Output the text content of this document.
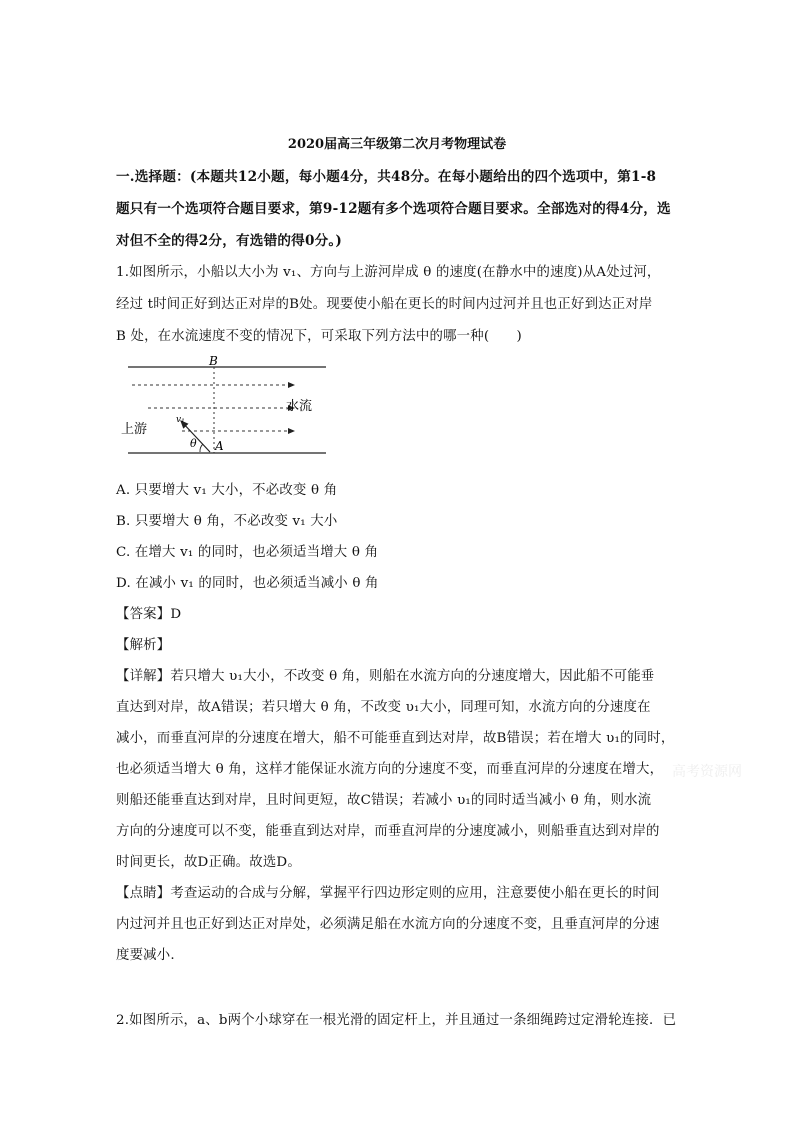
2020届高三年级第二次月考物理试卷
一.选择题：(本题共12小题，每小题4分，共48分。在每小题给出的四个选项中，第1-8
题只有一个选项符合题目要求，第9-12题有多个选项符合题目要求。全部选对的得4分，选
对但不全的得2分，有选错的得0分。)
1.如图所示，小船以大小为 v₁、方向与上游河岸成 θ 的速度(在静水中的速度)从A处过河，
经过 t时间正好到达正对岸的B处。现要使小船在更长的时间内过河并且也正好到达正对岸
B 处，在水流速度不变的情况下，可采取下列方法中的哪一种(　　)
B
A
水流
上游
v₁
θ
A. 只要增大 v₁ 大小，不必改变 θ 角
B. 只要增大 θ 角，不必改变 v₁ 大小
C. 在增大 v₁ 的同时，也必须适当增大 θ 角
D. 在减小 v₁ 的同时，也必须适当减小 θ 角
【答案】D
【解析】
【详解】若只增大 υ₁大小，不改变 θ 角，则船在水流方向的分速度增大，因此船不可能垂
直达到对岸，故A错误；若只增大 θ 角，不改变 υ₁大小，同理可知，水流方向的分速度在
减小，而垂直河岸的分速度在增大，船不可能垂直到达对岸，故B错误；若在增大 υ₁的同时，
也必须适当增大 θ 角，这样才能保证水流方向的分速度不变，而垂直河岸的分速度在增大，
则船还能垂直达到对岸，且时间更短，故C错误；若减小 υ₁的同时适当减小 θ 角，则水流
方向的分速度可以不变，能垂直到达对岸，而垂直河岸的分速度减小，则船垂直达到对岸的
时间更长，故D正确。故选D。
【点睛】考查运动的合成与分解，掌握平行四边形定则的应用，注意要使小船在更长的时间
内过河并且也正好到达正对岸处，必须满足船在水流方向的分速度不变，且垂直河岸的分速
度要减小.
2.如图所示，a、b两个小球穿在一根光滑的固定杆上，并且通过一条细绳跨过定滑轮连接．已
高考资源网
